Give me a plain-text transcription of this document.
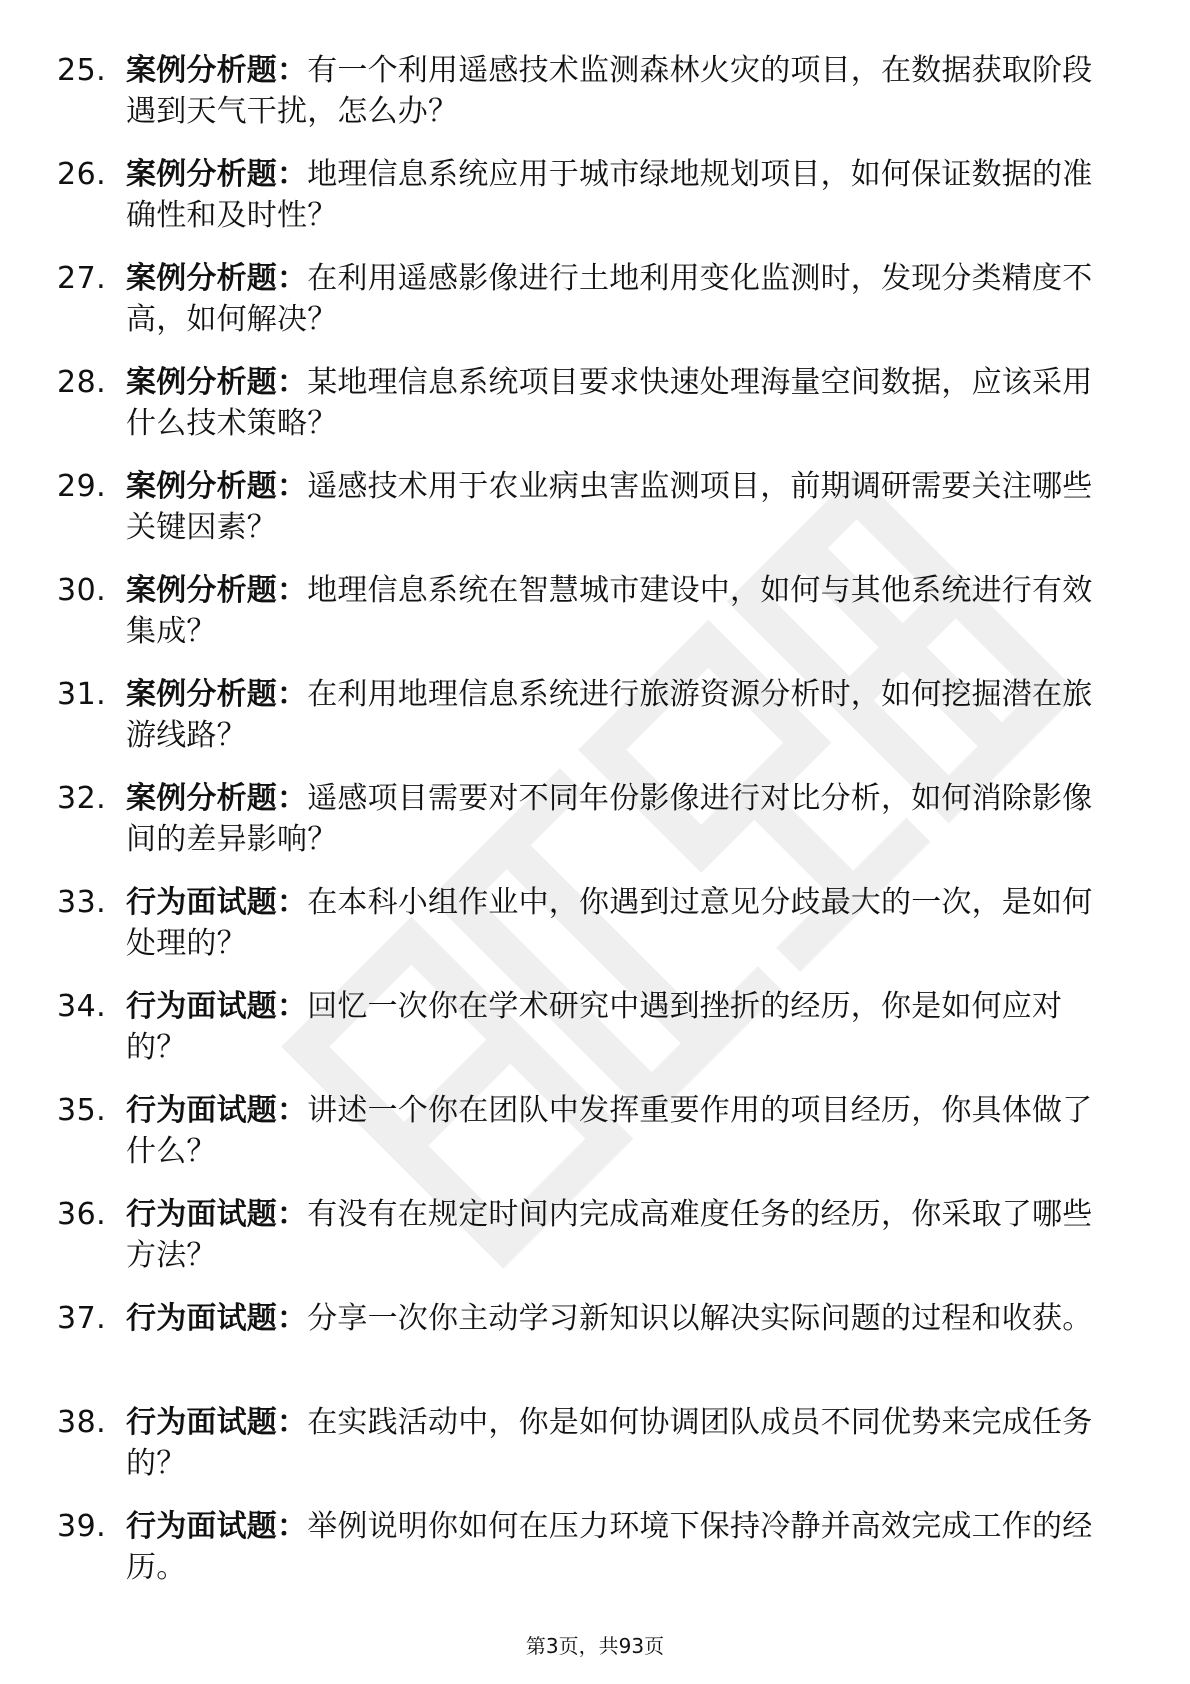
25. 案例分析题：有一个利用遥感技术监测森林火灾的项目，在数据获取阶段遇到天气干扰，怎么办？
26. 案例分析题：地理信息系统应用于城市绿地规划项目，如何保证数据的准确性和及时性？
27. 案例分析题：在利用遥感影像进行土地利用变化监测时，发现分类精度不高，如何解决？
28. 案例分析题：某地理信息系统项目要求快速处理海量空间数据，应该采用什么技术策略？
29. 案例分析题：遥感技术用于农业病虫害监测项目，前期调研需要关注哪些关键因素？
30. 案例分析题：地理信息系统在智慧城市建设中，如何与其他系统进行有效集成？
31. 案例分析题：在利用地理信息系统进行旅游资源分析时，如何挖掘潜在旅游线路？
32. 案例分析题：遥感项目需要对不同年份影像进行对比分析，如何消除影像间的差异影响？
33. 行为面试题：在本科小组作业中，你遇到过意见分歧最大的一次，是如何处理的？
34. 行为面试题：回忆一次你在学术研究中遇到挫折的经历，你是如何应对的？
35. 行为面试题：讲述一个你在团队中发挥重要作用的项目经历，你具体做了什么？
36. 行为面试题：有没有在规定时间内完成高难度任务的经历，你采取了哪些方法？
37. 行为面试题：分享一次你主动学习新知识以解决实际问题的过程和收获。
38. 行为面试题：在实践活动中，你是如何协调团队成员不同优势来完成任务的？
39. 行为面试题：举例说明你如何在压力环境下保持冷静并高效完成工作的经历。
第3页，共93页
